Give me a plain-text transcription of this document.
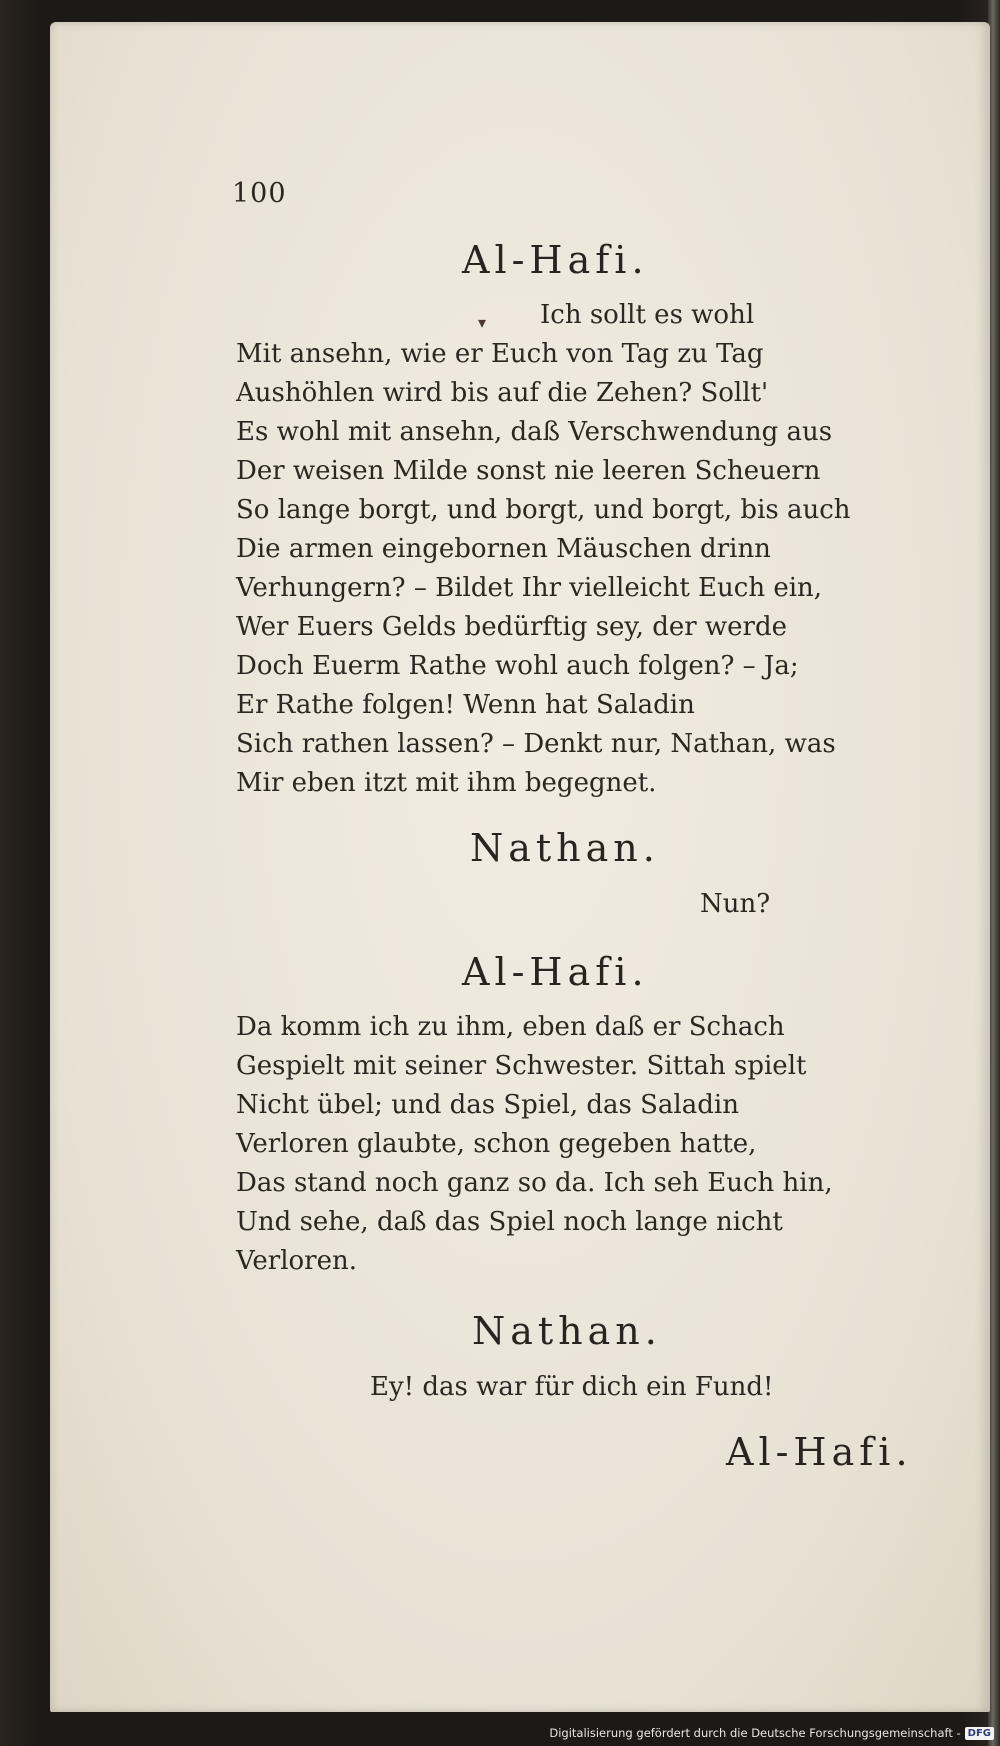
100
Al-Hafi.
▾ Ich sollt es wohl
Mit ansehn, wie er Euch von Tag zu Tag
Aushöhlen wird bis auf die Zehen? Sollt'
Es wohl mit ansehn, daß Verschwendung aus
Der weisen Milde sonst nie leeren Scheuern
So lange borgt, und borgt, und borgt, bis auch
Die armen eingebornen Mäuschen drinn
Verhungern? – Bildet Ihr vielleicht Euch ein,
Wer Euers Gelds bedürftig sey, der werde
Doch Euerm Rathe wohl auch folgen? – Ja;
Er Rathe folgen! Wenn hat Saladin
Sich rathen lassen? – Denkt nur, Nathan, was
Mir eben itzt mit ihm begegnet.
Nathan.
Nun?
Al-Hafi.
Da komm ich zu ihm, eben daß er Schach
Gespielt mit seiner Schwester. Sittah spielt
Nicht übel; und das Spiel, das Saladin
Verloren glaubte, schon gegeben hatte,
Das stand noch ganz so da. Ich seh Euch hin,
Und sehe, daß das Spiel noch lange nicht
Verloren.
Nathan.
Ey! das war für dich ein Fund!
Al-Hafi.
Digitalisierung gefördert durch die Deutsche Forschungsgemeinschaft - DFG
